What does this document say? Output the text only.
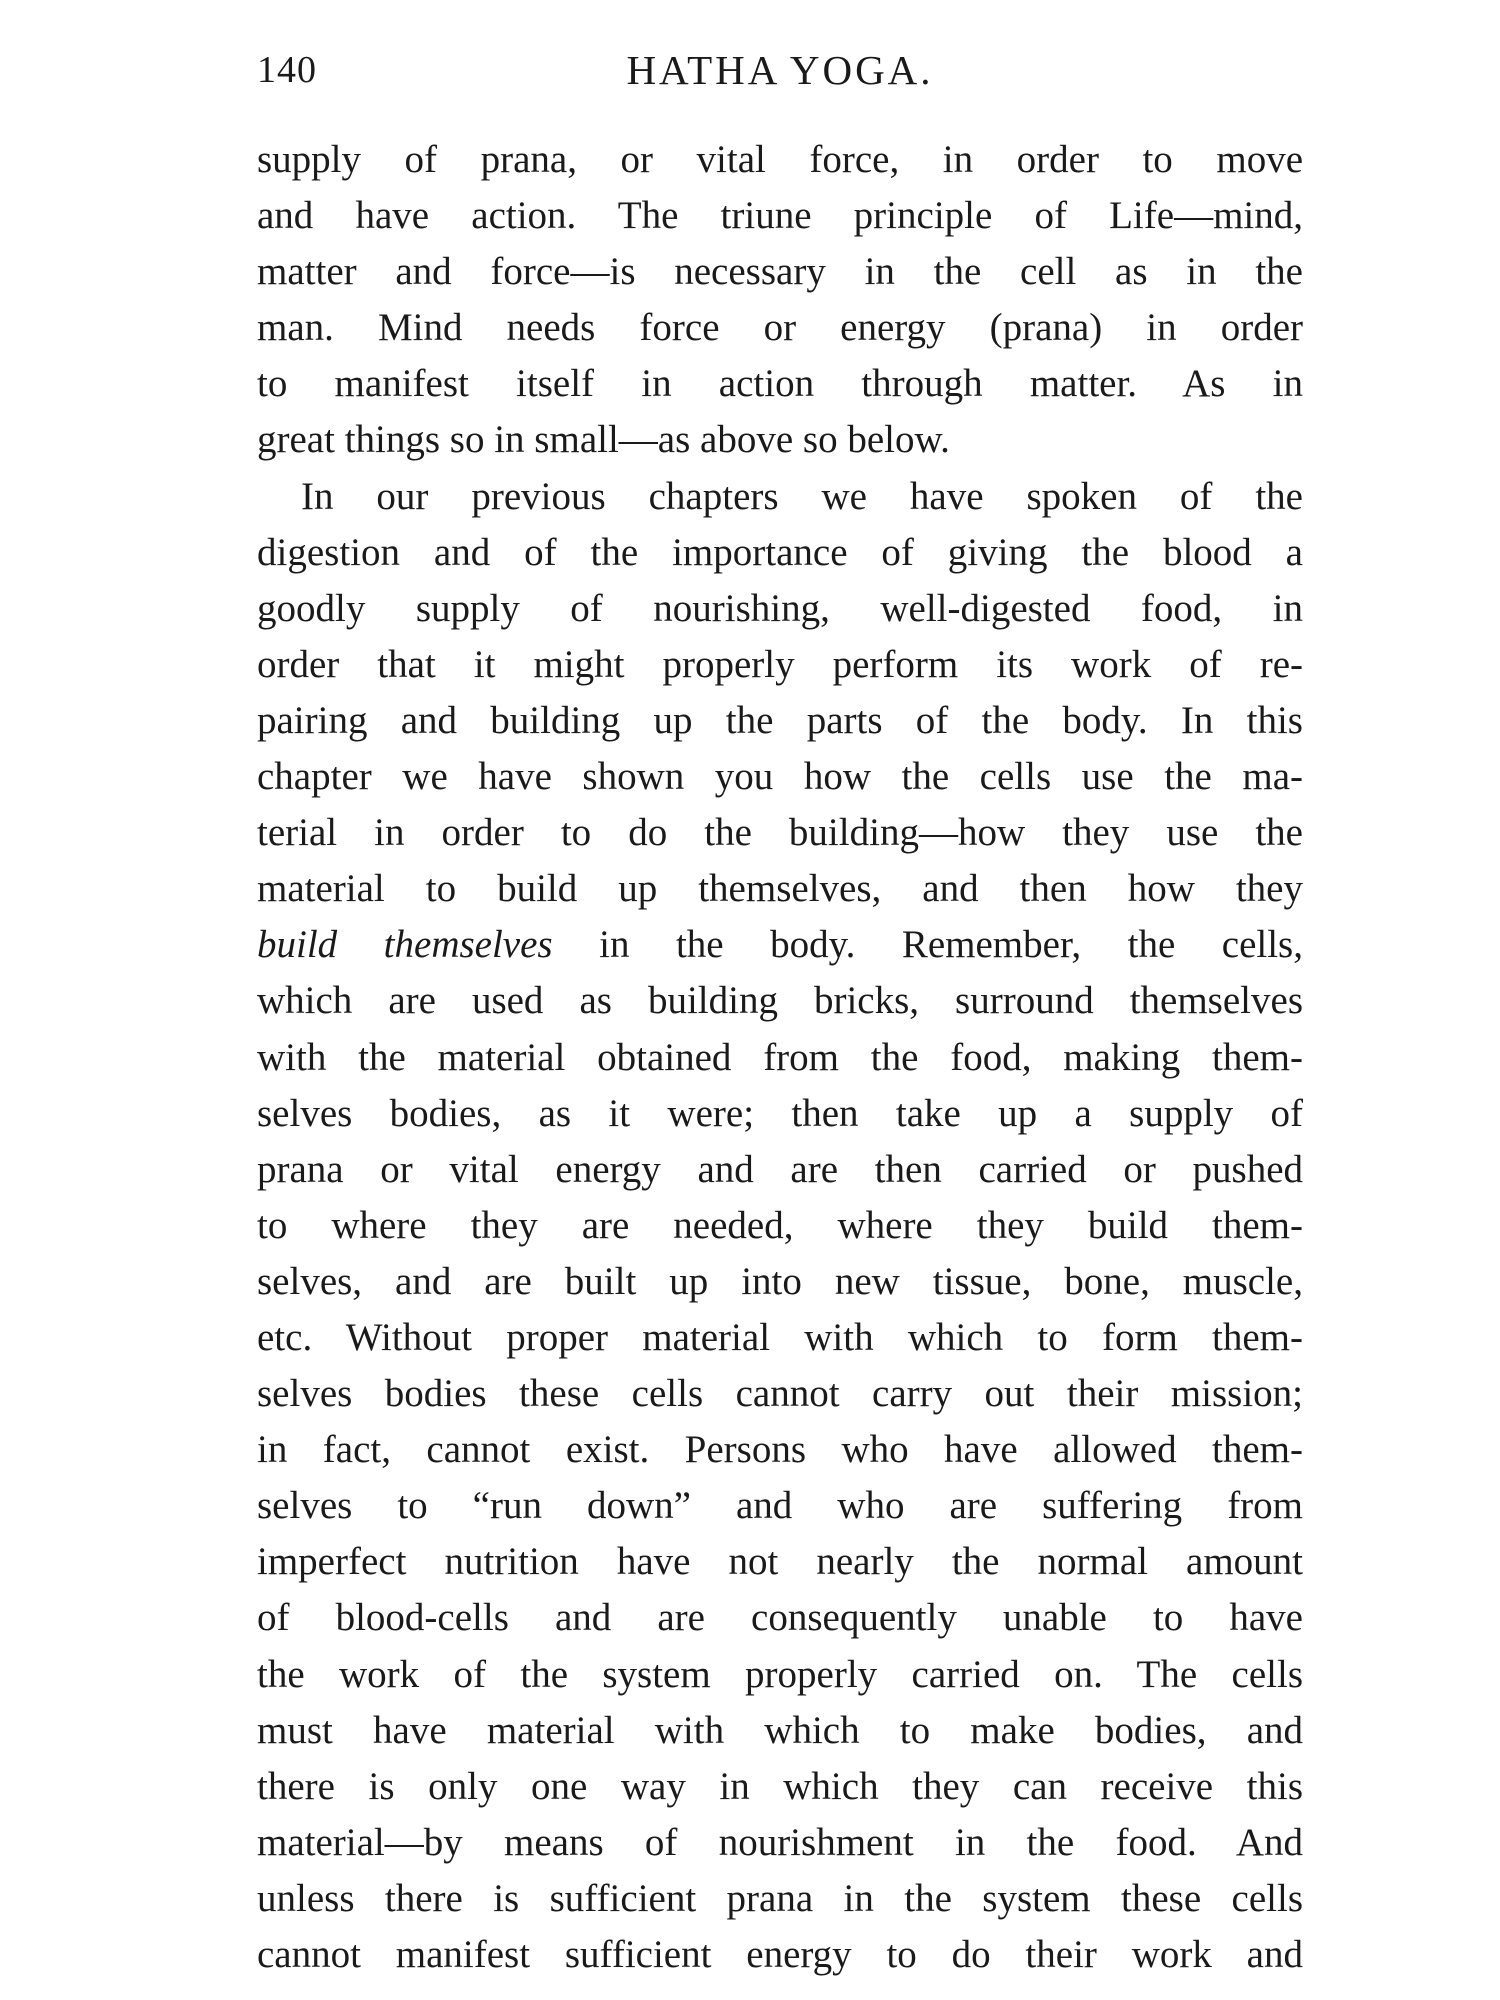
140	HATHA YOGA.
supply of prana, or vital force, in order to move
and have action. The triune principle of Life—mind,
matter and force—is necessary in the cell as in the
man. Mind needs force or energy (prana) in order
to manifest itself in action through matter. As in
great things so in small—as above so below.
In our previous chapters we have spoken of the
digestion and of the importance of giving the blood a
goodly supply of nourishing, well-digested food, in
order that it might properly perform its work of re-
pairing and building up the parts of the body. In this
chapter we have shown you how the cells use the ma-
terial in order to do the building—how they use the
material to build up themselves, and then how they
build themselves in the body. Remember, the cells,
which are used as building bricks, surround themselves
with the material obtained from the food, making them-
selves bodies, as it were; then take up a supply of
prana or vital energy and are then carried or pushed
to where they are needed, where they build them-
selves, and are built up into new tissue, bone, muscle,
etc. Without proper material with which to form them-
selves bodies these cells cannot carry out their mission;
in fact, cannot exist. Persons who have allowed them-
selves to “run down” and who are suffering from
imperfect nutrition have not nearly the normal amount
of blood-cells and are consequently unable to have
the work of the system properly carried on. The cells
must have material with which to make bodies, and
there is only one way in which they can receive this
material—by means of nourishment in the food. And
unless there is sufficient prana in the system these cells
cannot manifest sufficient energy to do their work and
